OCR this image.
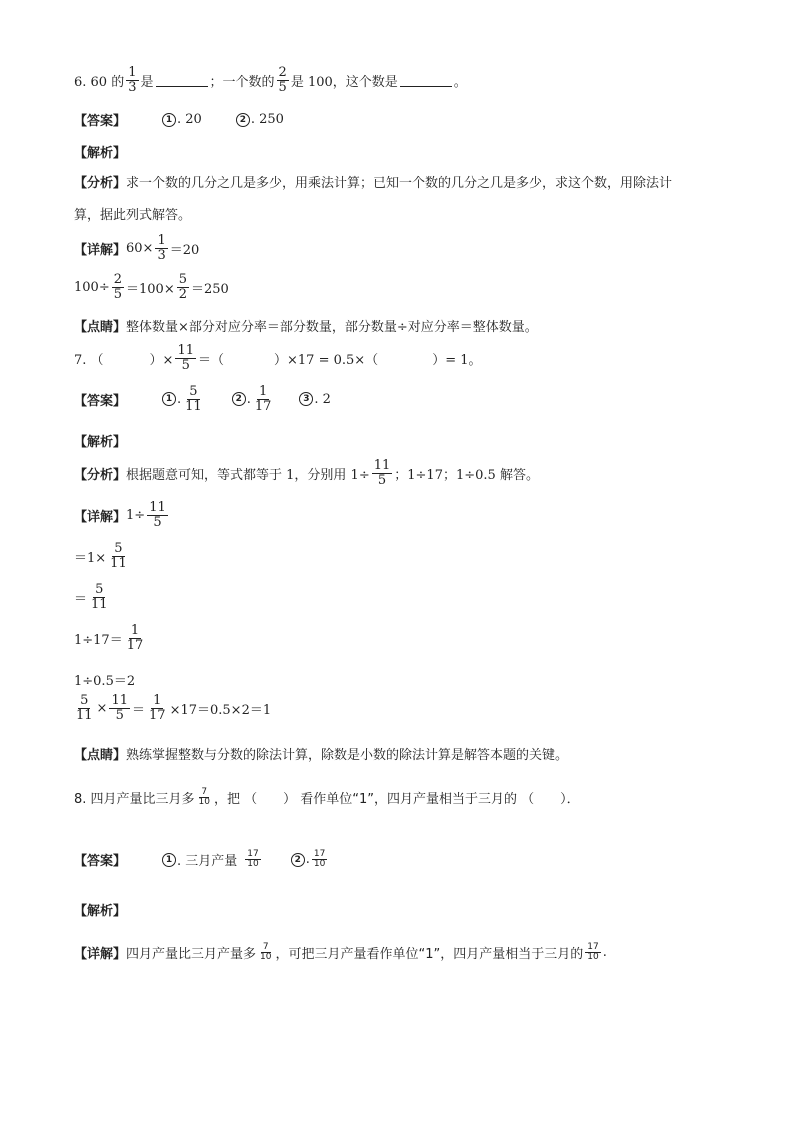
6. 60 的 $\frac{1}{3}$ 是	；一个数的 $\frac{2}{5}$ 是 100，这个数是	。
【答案】	1 . 20	2 . 250
【解析】
【分析】 求一个数的几分之几是多少，用乘法计算；已知一个数的几分之几是多少，求这个数，用除法计
算，据此列式解答。
【详解】 $60\times \frac{1}{3} =20$
$100\div \frac{2}{5} =100\times \frac{5}{2} =250$
【点睛】 整体数量×部分对应分率＝部分数量，部分数量÷对应分率＝整体数量。
7. （	）× $\frac{11}{5}$ ＝（	）×17 = 0.5×（	）= 1。
【答案】	1 . $\frac{5}{11}$	2 . $\frac{1}{17}$	3 . 2
【解析】
【分析】 根据题意可知，等式都等于 1，分别用 $1\div \frac{11}{5}$ ；1÷17；1÷0.5 解答。
【详解】 $1\div \frac{11}{5}$
$=1\times \frac{5}{11}$
＝ $\frac{5}{11}$
$1\div 17= \frac{1}{17}$
1÷0.5＝2
$\frac{5}{11} \times \frac{11}{5} = \frac{1}{17} \times 17=0.5\times 2=1$
【点睛】 熟练掌握整数与分数的除法计算，除数是小数的除法计算是解答本题的关键。
8. 四月产量比三月多 $\frac{7}{10}$ ，把 （　　） 看作单位“1”，四月产量相当于三月的 （　　）．
【答案】	1 . 三月产量 $\frac{17}{10}$	2 . $\frac{17}{10}$
【解析】
【详解】 四月产量比三月产量多 $\frac{7}{10}$ ，可把三月产量看作单位“1”，四月产量相当于三月的 $\frac{17}{10}$ .
